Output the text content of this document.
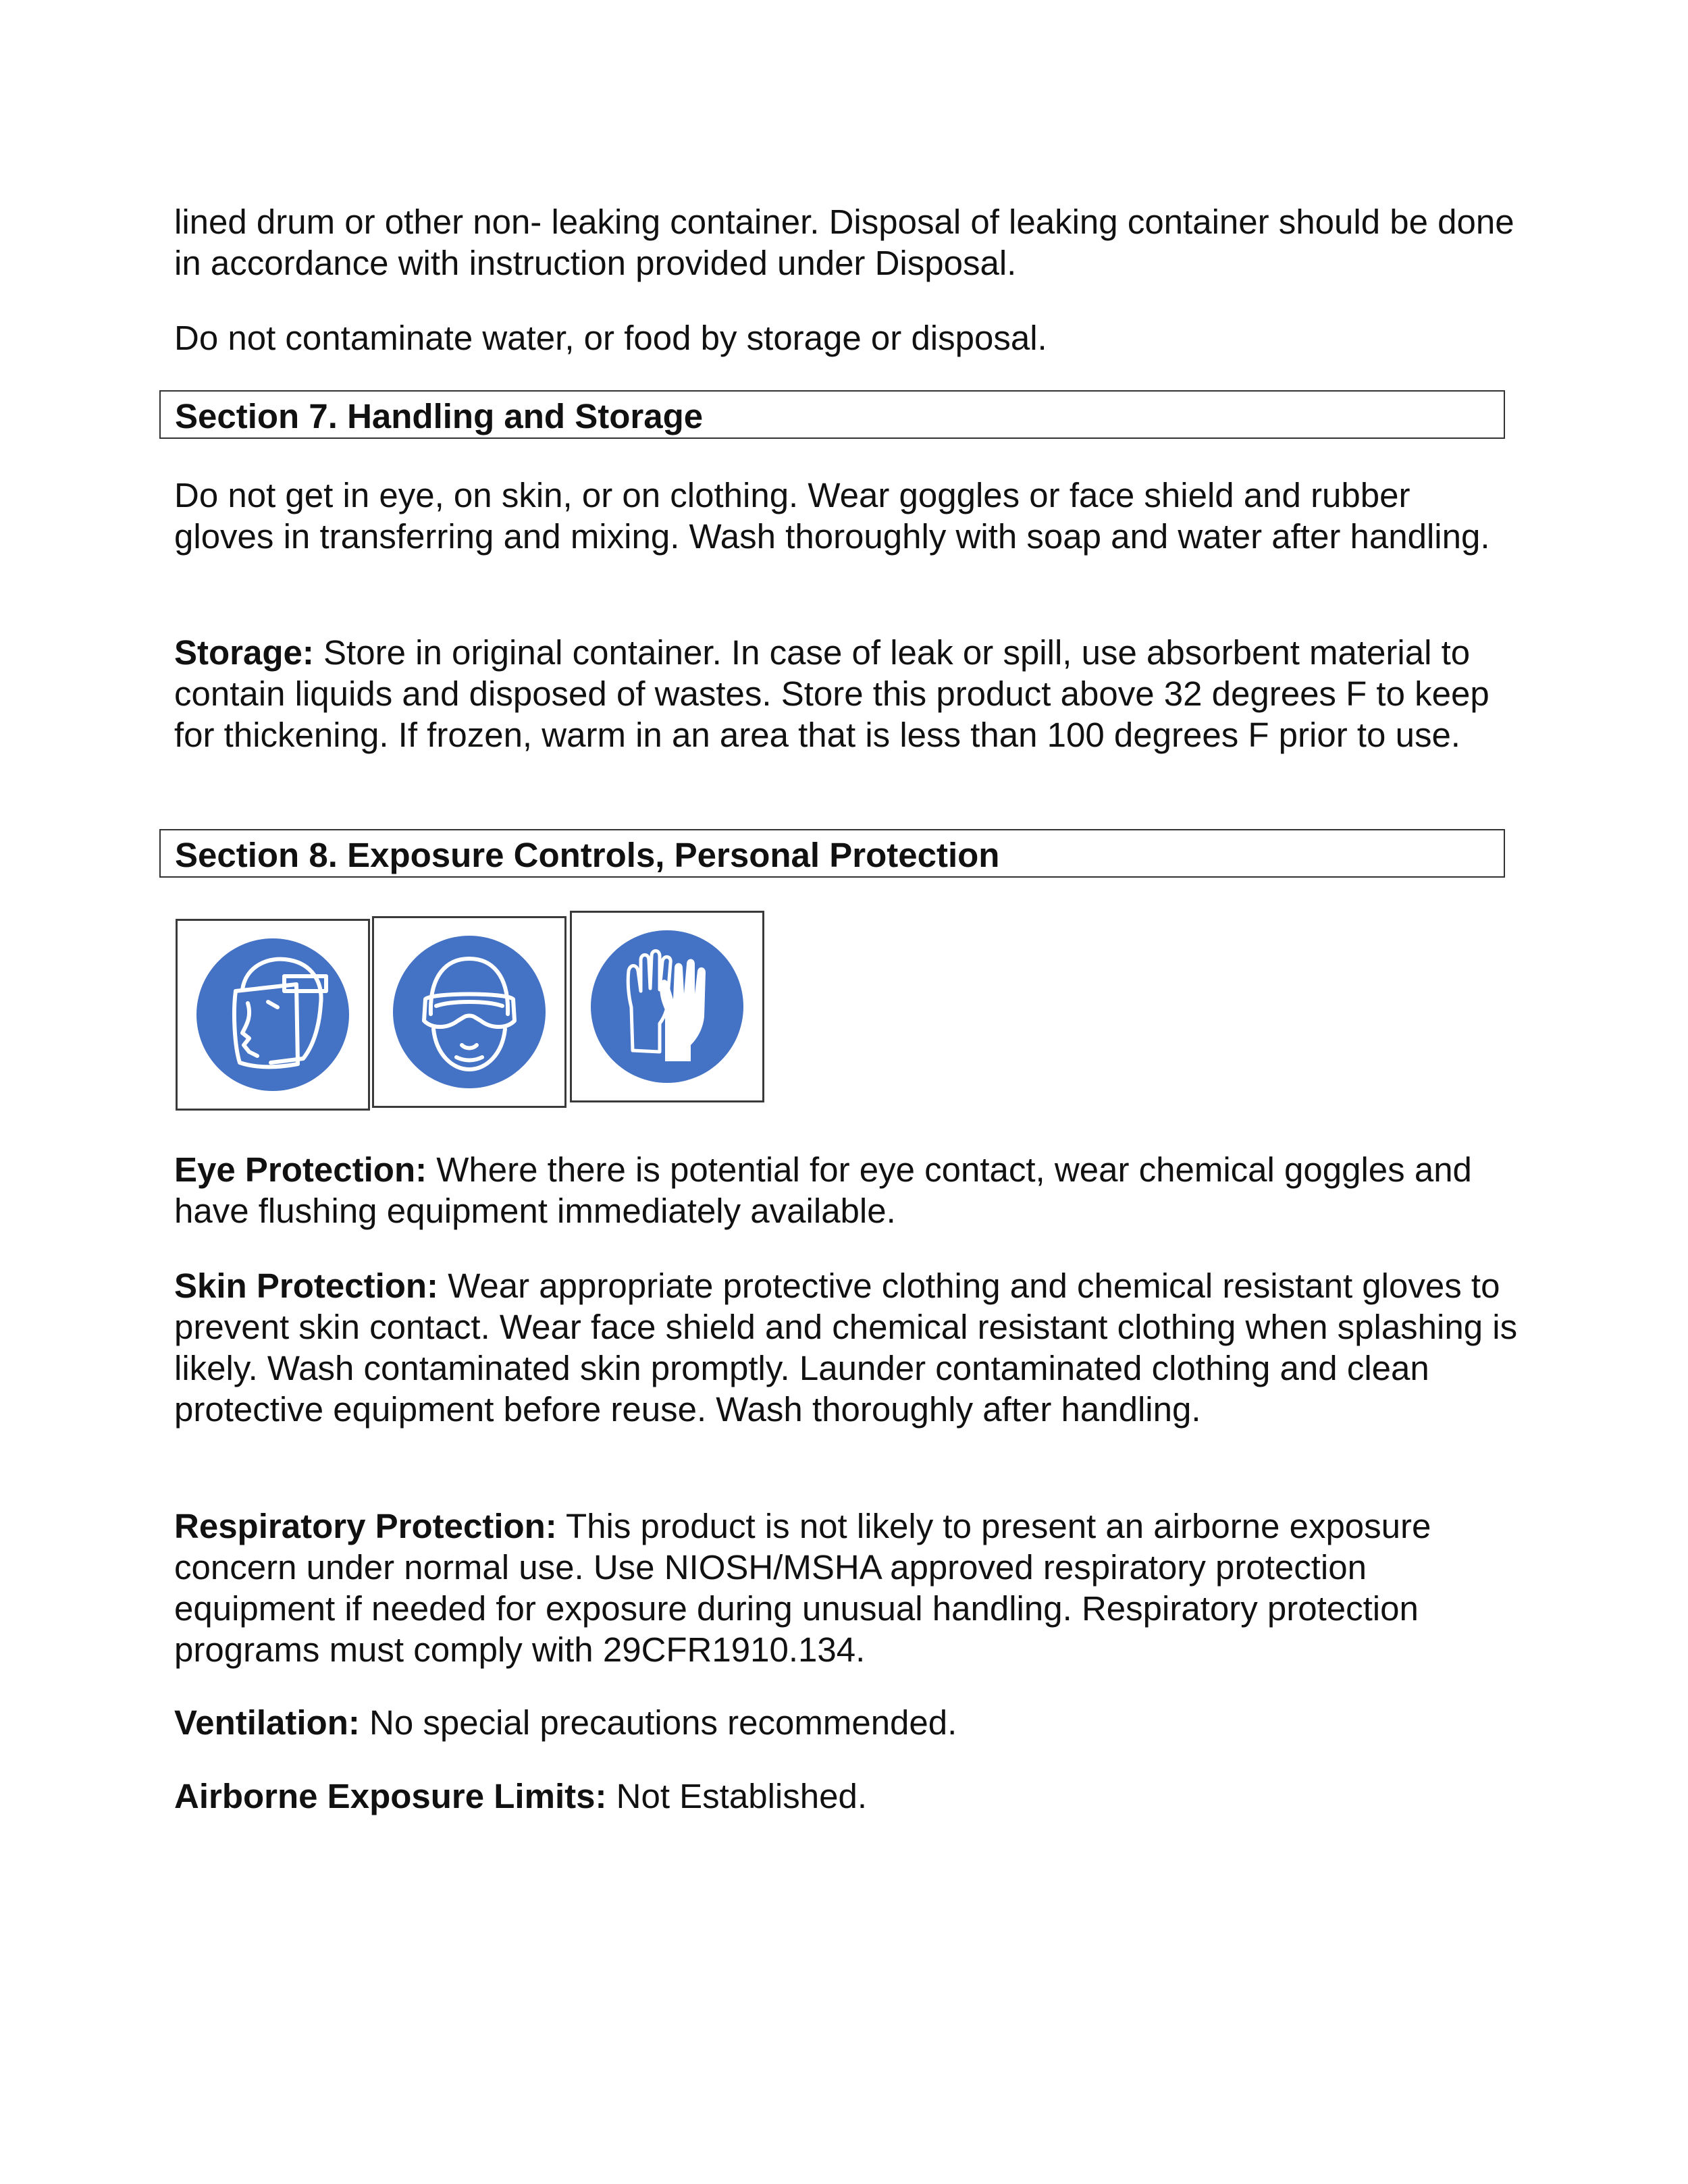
lined drum or other non- leaking container. Disposal of leaking container should be done in accordance with instruction provided under Disposal.

Do not contaminate water, or food by storage or disposal.

Section 7. Handling and Storage

Do not get in eye, on skin, or on clothing. Wear goggles or face shield and rubber gloves in transferring and mixing. Wash thoroughly with soap and water after handling.

Storage: Store in original container. In case of leak or spill, use absorbent material to contain liquids and disposed of wastes. Store this product above 32 degrees F to keep for thickening. If frozen, warm in an area that is less than 100 degrees F prior to use.

Section 8. Exposure Controls, Personal Protection

Eye Protection: Where there is potential for eye contact, wear chemical goggles and have flushing equipment immediately available.

Skin Protection: Wear appropriate protective clothing and chemical resistant gloves to prevent skin contact. Wear face shield and chemical resistant clothing when splashing is likely. Wash contaminated skin promptly. Launder contaminated clothing and clean protective equipment before reuse. Wash thoroughly after handling.

Respiratory Protection: This product is not likely to present an airborne exposure concern under normal use. Use NIOSH/MSHA approved respiratory protection equipment if needed for exposure during unusual handling. Respiratory protection programs must comply with 29CFR1910.134.

Ventilation: No special precautions recommended.

Airborne Exposure Limits: Not Established.
